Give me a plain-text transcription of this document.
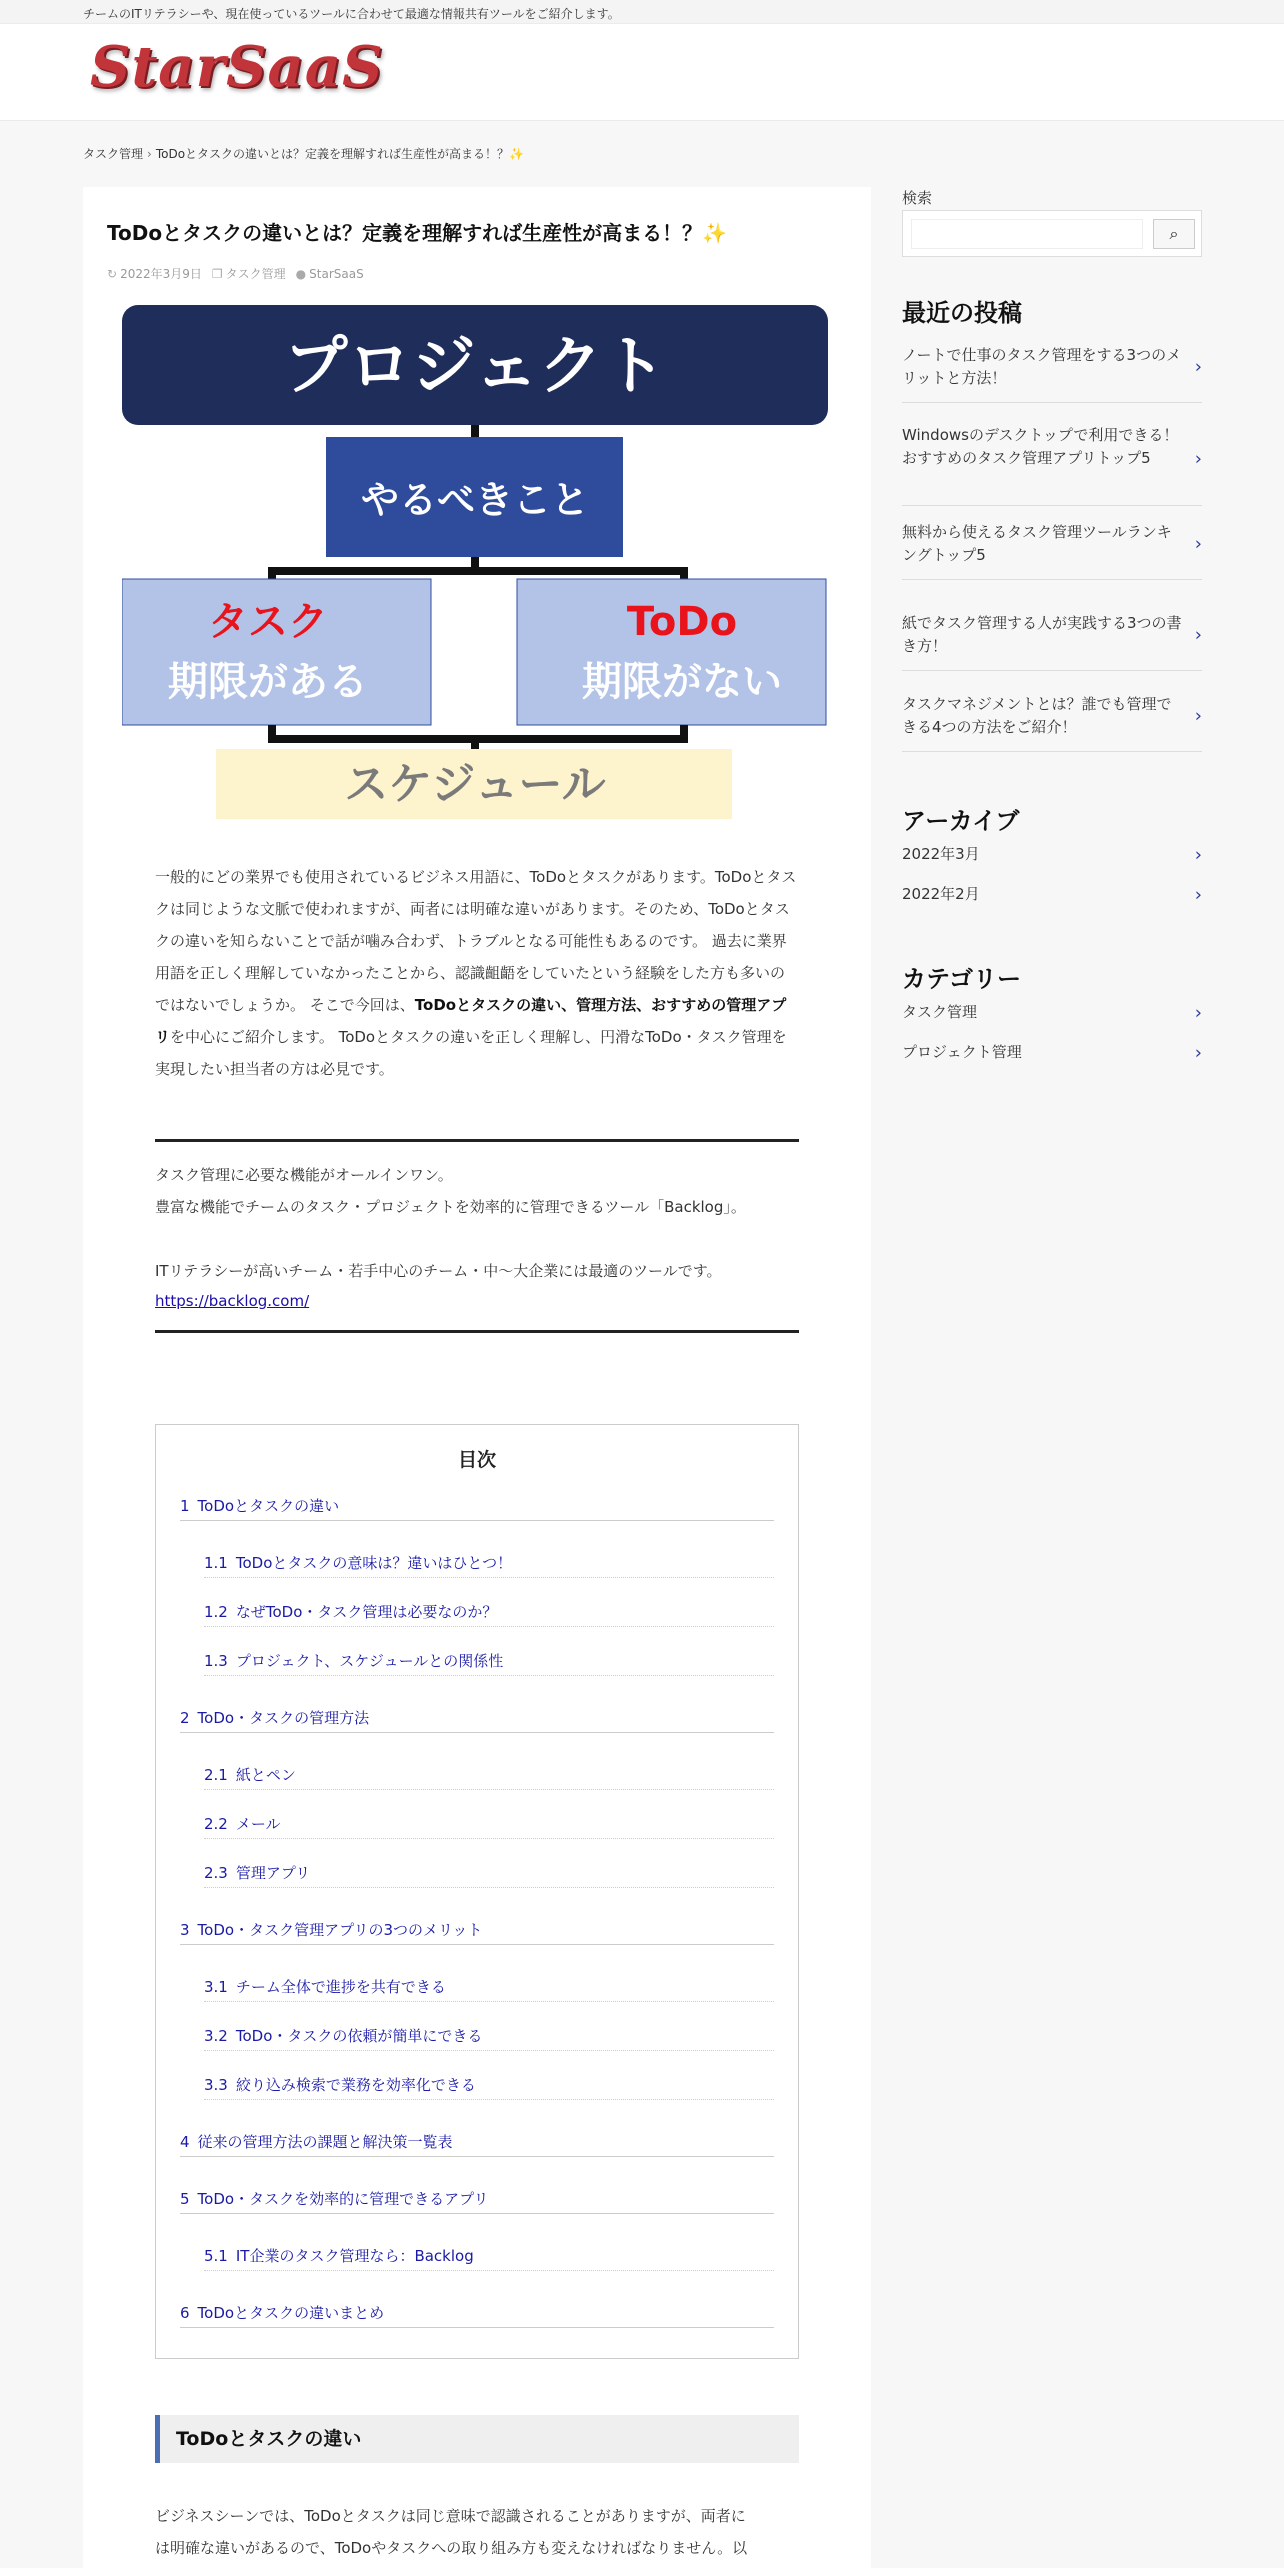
チームのITリテラシーや、現在使っているツールに合わせて最適な情報共有ツールをご紹介します。
StarSaaS
タスク管理 › ToDoとタスクの違いとは？定義を理解すれば生産性が高まる！？✨
ToDoとタスクの違いとは？定義を理解すれば生産性が高まる！？✨
↻ 2022年3月9日 ❐ タスク管理 ● StarSaaS
プロジェクト
やるべきこと
タスク
期限がある
ToDo
期限がない
スケジュール

一般的にどの業界でも使用されているビジネス用語に、ToDoとタスクがあります。ToDoとタスクは同じような文脈で使われますが、両者には明確な違いがあります。そのため、ToDoとタスクの違いを知らないことで話が噛み合わず、トラブルとなる可能性もあるのです。 過去に業界用語を正しく理解していなかったことから、認識齟齬をしていたという経験をした方も多いのではないでしょうか。 そこで今回は、ToDoとタスクの違い、管理方法、おすすめの管理アプリを中心にご紹介します。 ToDoとタスクの違いを正しく理解し、円滑なToDo・タスク管理を実現したい担当者の方は必見です。

タスク管理に必要な機能がオールインワン。
豊富な機能でチームのタスク・プロジェクトを効率的に管理できるツール「Backlog」。
ITリテラシーが高いチーム・若手中心のチーム・中〜大企業には最適のツールです。
https://backlog.com/
目次
1 ToDoとタスクの違い
1.1 ToDoとタスクの意味は？違いはひとつ！
1.2 なぜToDo・タスク管理は必要なのか？
1.3 プロジェクト、スケジュールとの関係性
2 ToDo・タスクの管理方法
2.1 紙とペン
2.2 メール
2.3 管理アプリ
3 ToDo・タスク管理アプリの3つのメリット
3.1 チーム全体で進捗を共有できる
3.2 ToDo・タスクの依頼が簡単にできる
3.3 絞り込み検索で業務を効率化できる
4 従来の管理方法の課題と解決策一覧表
5 ToDo・タスクを効率的に管理できるアプリ
5.1 IT企業のタスク管理なら：Backlog
6 ToDoとタスクの違いまとめ
ToDoとタスクの違い
ビジネスシーンでは、ToDoとタスクは同じ意味で認識されることがありますが、両者に
は明確な違いがあるので、ToDoやタスクへの取り組み方も変えなければなりません。以
検索
⌕
最近の投稿
ノートで仕事のタスク管理をする3つのメリットと方法！
›
Windowsのデスクトップで利用できる！おすすめのタスク管理アプリトップ5 ›
無料から使えるタスク管理ツールランキングトップ5
›
紙でタスク管理する人が実践する3つの書き方！
›
タスクマネジメントとは？誰でも管理できる4つの方法をご紹介！
›
アーカイブ
2022年3月	›
2022年2月	›
カテゴリー
タスク管理	›
プロジェクト管理	›
